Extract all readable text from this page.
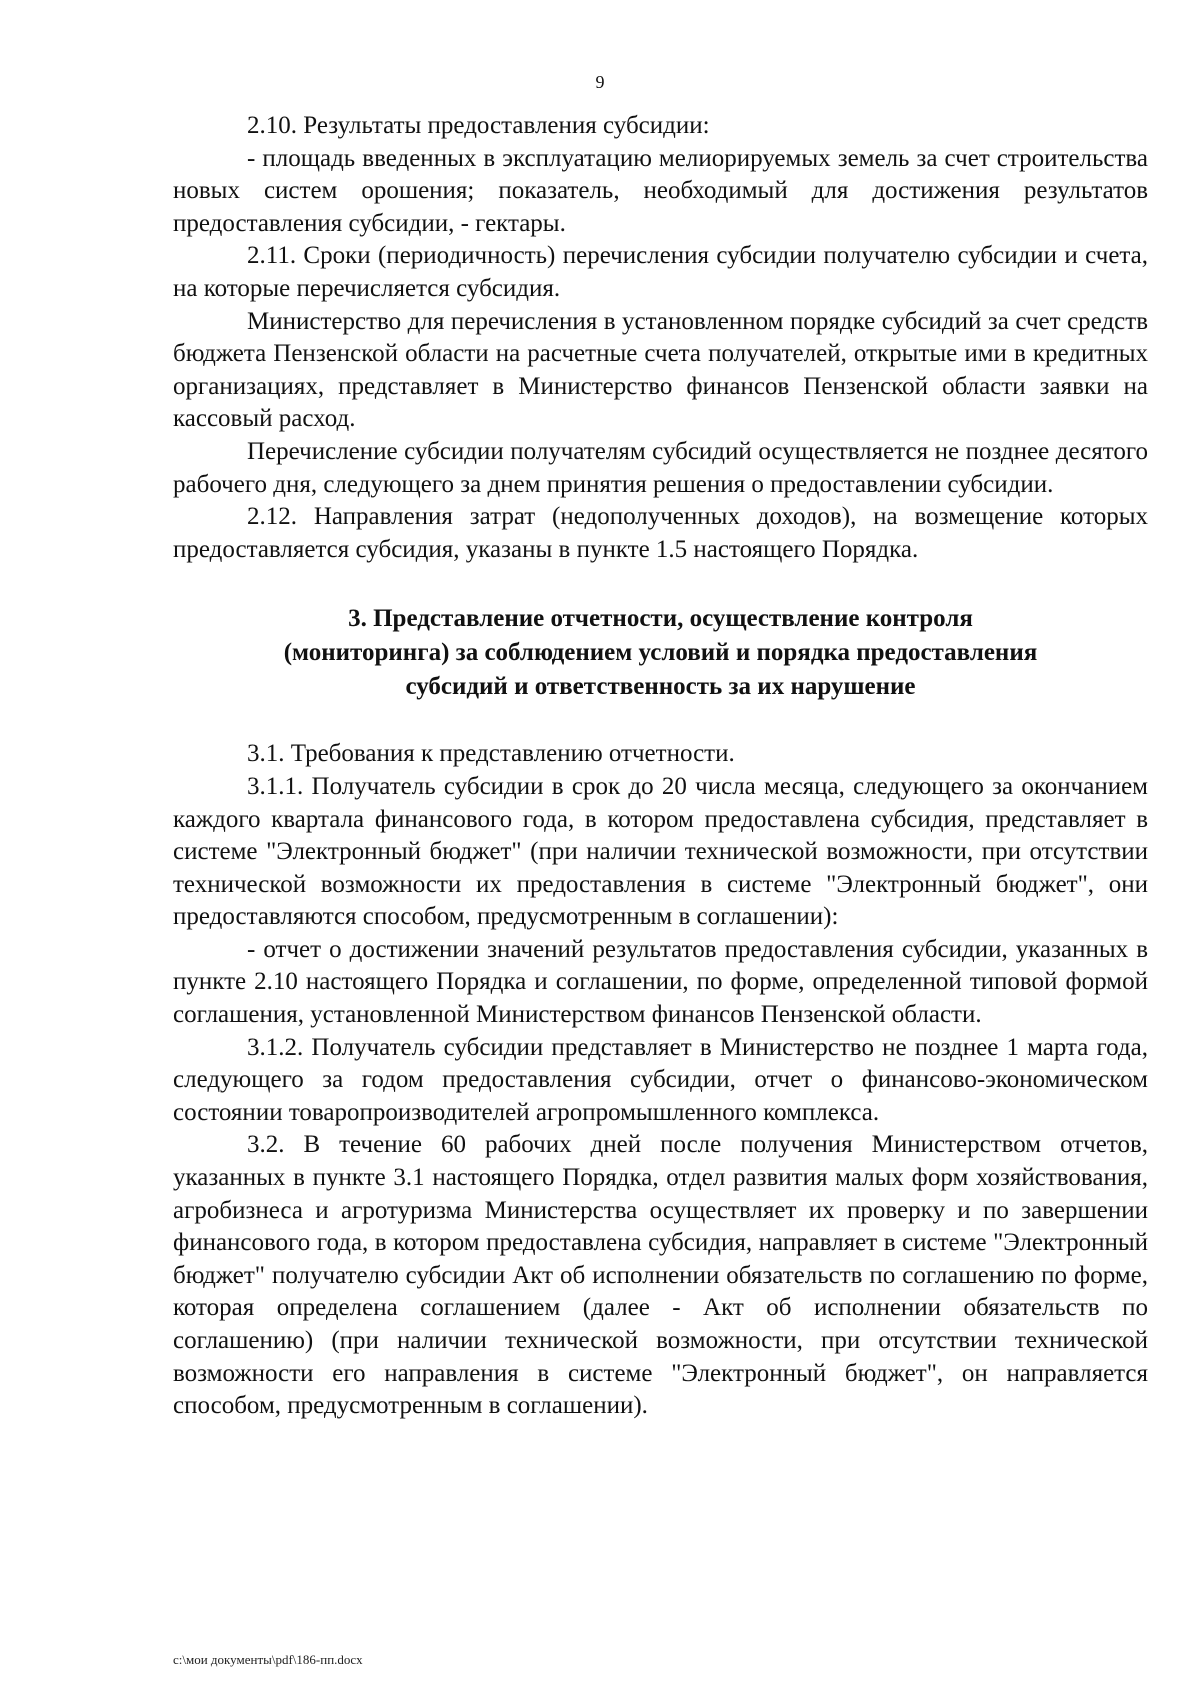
9

2.10. Результаты предоставления субсидии:

- площадь введенных в эксплуатацию мелиорируемых земель за счет строительства новых систем орошения; показатель, необходимый для достижения результатов предоставления субсидии, - гектары.

2.11. Сроки (периодичность) перечисления субсидии получателю субсидии и счета, на которые перечисляется субсидия.

Министерство для перечисления в установленном порядке субсидий за счет средств бюджета Пензенской области на расчетные счета получателей, открытые ими в кредитных организациях, представляет в Министерство финансов Пензенской области заявки на кассовый расход.

Перечисление субсидии получателям субсидий осуществляется не позднее десятого рабочего дня, следующего за днем принятия решения о предоставлении субсидии.

2.12. Направления затрат (недополученных доходов), на возмещение которых предоставляется субсидия, указаны в пункте 1.5 настоящего Порядка.

3. Представление отчетности, осуществление контроля
(мониторинга) за соблюдением условий и порядка предоставления
субсидий и ответственность за их нарушение

3.1. Требования к представлению отчетности.

3.1.1. Получатель субсидии в срок до 20 числа месяца, следующего за окончанием каждого квартала финансового года, в котором предоставлена субсидия, представляет в системе "Электронный бюджет" (при наличии технической возможности, при отсутствии технической возможности их предоставления в системе "Электронный бюджет", они предоставляются способом, предусмотренным в соглашении):

- отчет о достижении значений результатов предоставления субсидии, указанных в пункте 2.10 настоящего Порядка и соглашении, по форме, определенной типовой формой соглашения, установленной Министерством финансов Пензенской области.

3.1.2. Получатель субсидии представляет в Министерство не позднее 1 марта года, следующего за годом предоставления субсидии, отчет о финансово-экономическом состоянии товаропроизводителей агропромышленного комплекса.

3.2. В течение 60 рабочих дней после получения Министерством отчетов, указанных в пункте 3.1 настоящего Порядка, отдел развития малых форм хозяйствования, агробизнеса и агротуризма Министерства осуществляет их проверку и по завершении финансового года, в котором предоставлена субсидия, направляет в системе "Электронный бюджет" получателю субсидии Акт об исполнении обязательств по соглашению по форме, которая определена соглашением (далее - Акт об исполнении обязательств по соглашению) (при наличии технической возможности, при отсутствии технической возможности его направления в системе "Электронный бюджет", он направляется способом, предусмотренным в соглашении).

c:\мои документы\pdf\186-пп.docx
